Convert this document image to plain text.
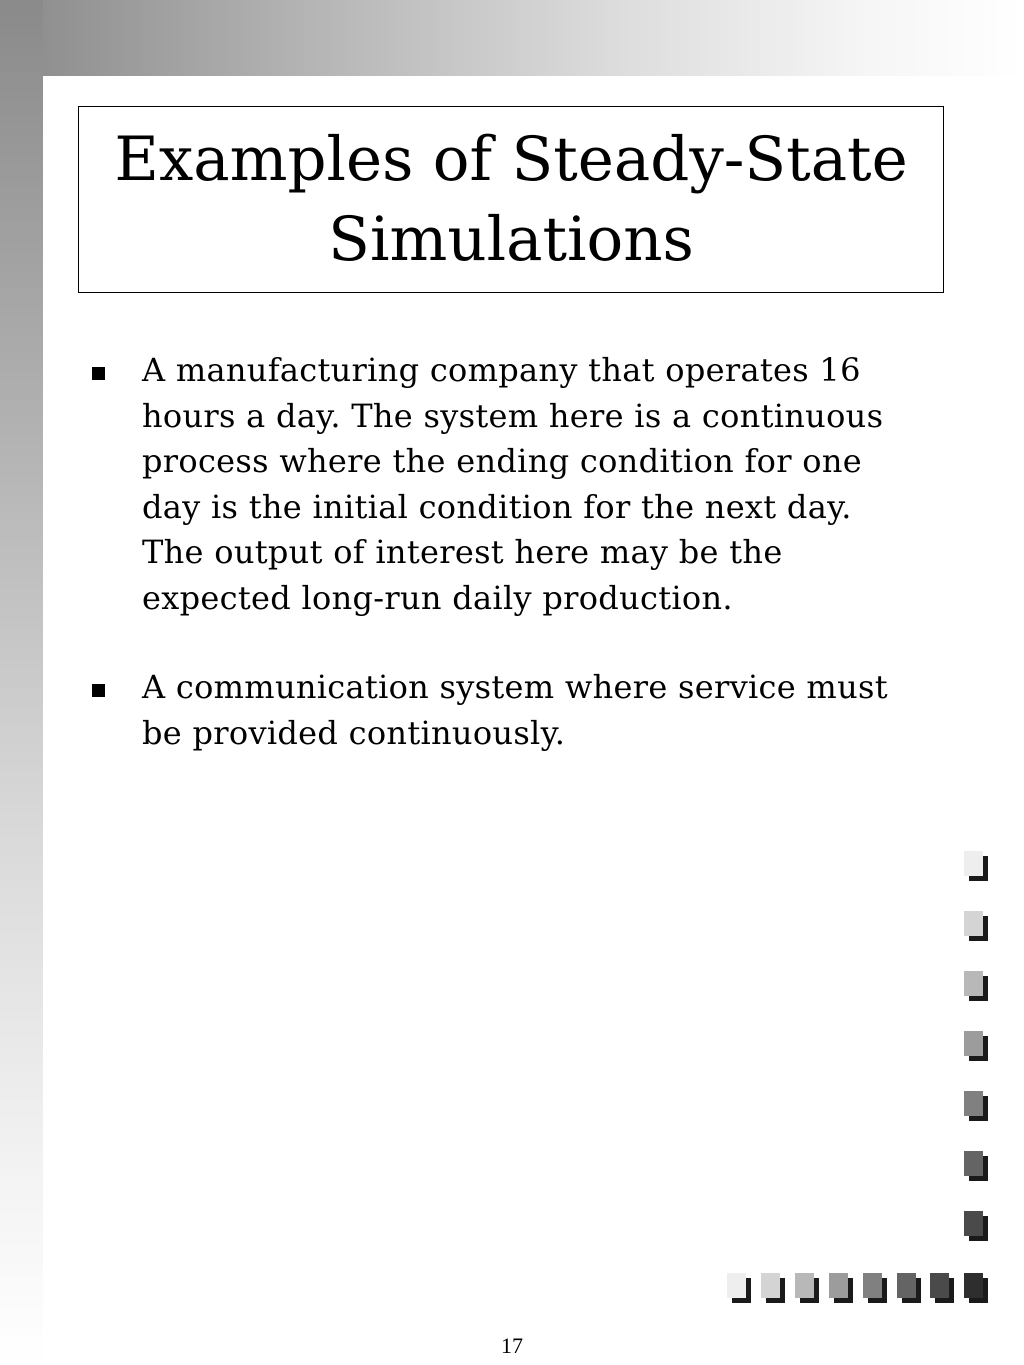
Examples of Steady-State Simulations
A manufacturing company that operates 16 hours a day. The system here is a continuous process where the ending condition for one day is the initial condition for the next day. The output of interest here may be the expected long-run daily production.
A communication system where service must be provided continuously.
17
